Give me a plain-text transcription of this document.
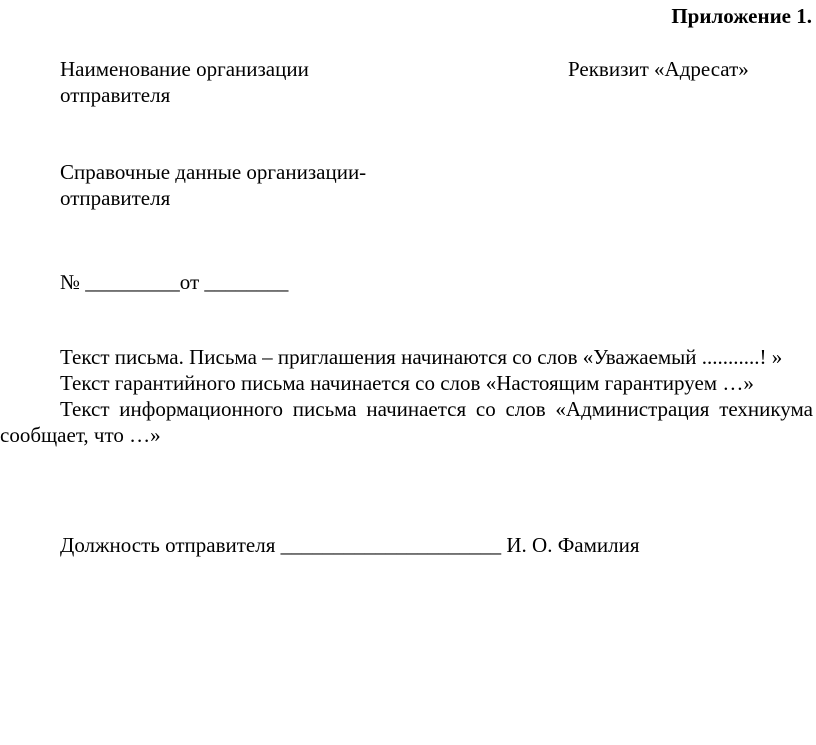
Приложение 1.
Наименование организации
отправителя
Реквизит «Адресат»
Справочные данные организации-
отправителя
№ _________от ________

Текст письма. Письма – приглашения начинаются со слов «Уважаемый ...........! »

Текст гарантийного письма начинается со слов «Настоящим гарантируем …»

Текст информационного письма начинается со слов «Администрация техникума сообщает, что …»

Должность отправителя _____________________ И. О. Фамилия
